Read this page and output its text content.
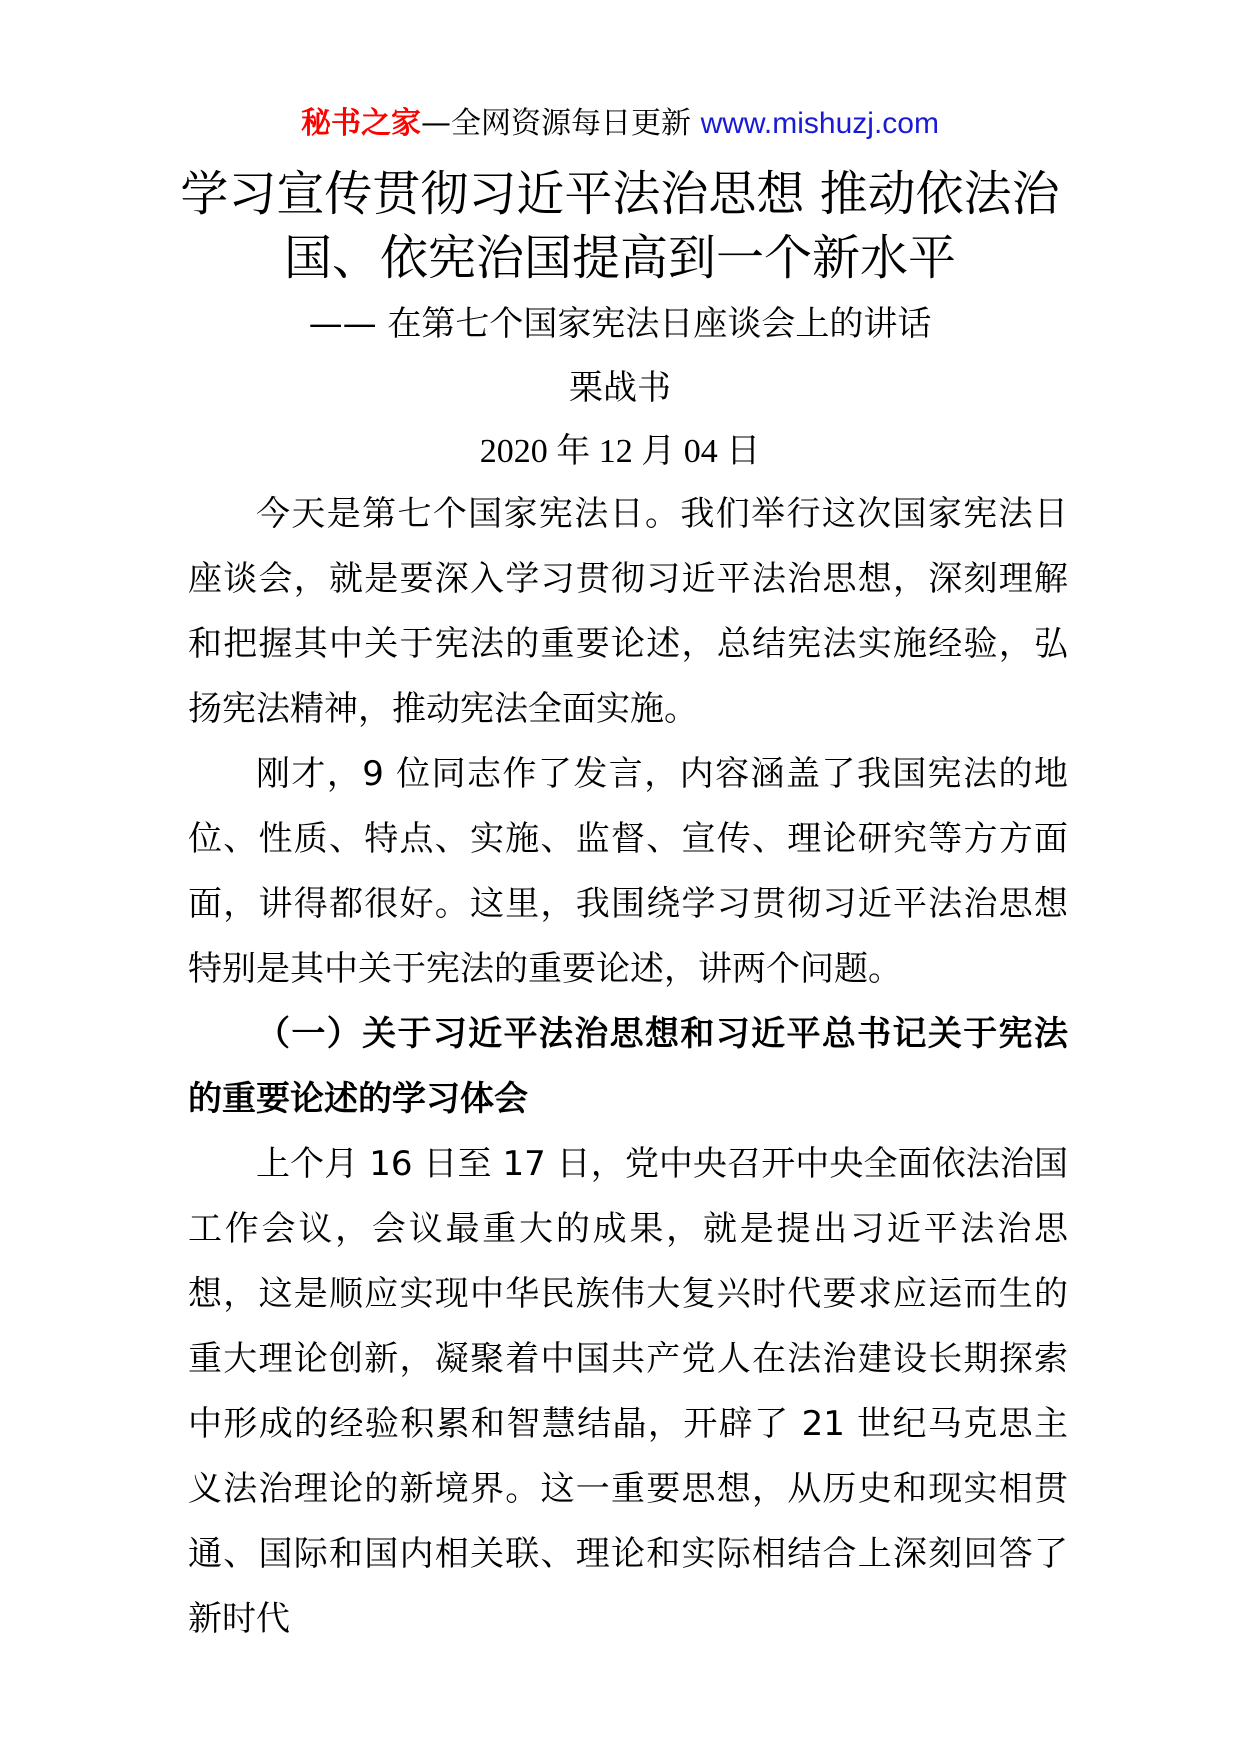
秘书之家—全网资源每日更新 www.mishuzj.com
学习宣传贯彻习近平法治思想 推动依法治
国、依宪治国提高到一个新水平
—— 在第七个国家宪法日座谈会上的讲话
栗战书
2020 年 12 月 04 日

今天是第七个国家宪法日。我们举行这次国家宪法日座谈会，就是要深入学习贯彻习近平法治思想，深刻理解和把握其中关于宪法的重要论述，总结宪法实施经验，弘扬宪法精神，推动宪法全面实施。

刚才，9 位同志作了发言，内容涵盖了我国宪法的地位、性质、特点、实施、监督、宣传、理论研究等方方面面，讲得都很好。这里，我围绕学习贯彻习近平法治思想特别是其中关于宪法的重要论述，讲两个问题。

（一）关于习近平法治思想和习近平总书记关于宪法的重要论述的学习体会

上个月 16 日至 17 日，党中央召开中央全面依法治国工作会议，会议最重大的成果，就是提出习近平法治思想，这是顺应实现中华民族伟大复兴时代要求应运而生的重大理论创新，凝聚着中国共产党人在法治建设长期探索中形成的经验积累和智慧结晶，开辟了 21 世纪马克思主义法治理论的新境界。这一重要思想，从历史和现实相贯通、国际和国内相关联、理论和实际相结合上深刻回答了新时代
